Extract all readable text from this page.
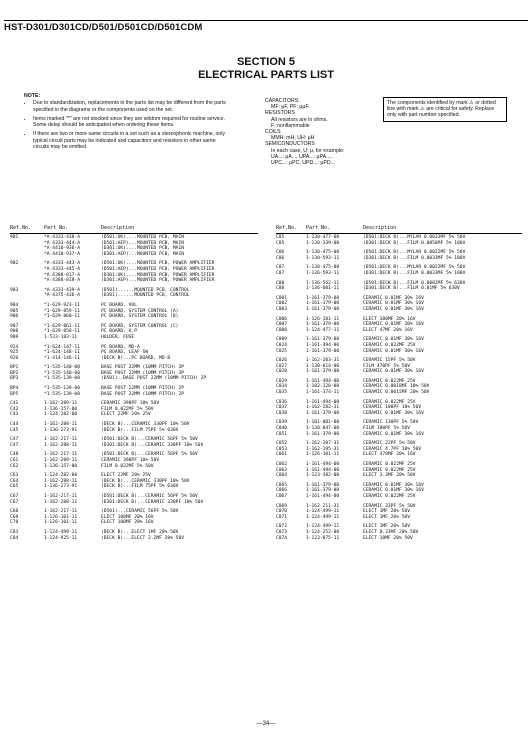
HST-D301/D301CD/D501/D501CD/D501CDM
SECTION 5
ELECTRICAL PARTS LIST
NOTE:
• Due to standardization, replacements in the parts list may be different from the parts specified in the diagrams or the components used on the set.
• Items marked "*" are not stocked since they are seldom required for routine service. Some delay should be anticipated when ordering these items.
• If there are two or more same circuits in a set such as a stereophonic machine, only typical circuit parts may be indicated and capacitors and resistors in other same circuits may be omitted.
CAPACITORS:
MF: μF, PF: μμF.
RESISTORS
All resistors are in ohms.
F: nonflammable
COILS
MMH: mH, UH: μH
SEMICONDUCTORS
In each case, U: μ, for example:
UA...: μA..., UPA...: μPA...,
UPC...: μPC, UPD...: μPD...
The components identified by mark ⚠ or dotted line with mark ⚠ are critical for safety. Replace only with part number specified.
Ref.No.	Part No.	Description	Ref.No. Part No.	Description
901	*A-4333-438-A	(D501:UK)....MOUNTED PCB, MAIN
*A-4333-444-A	(D501:AEP)...MOUNTED PCB, MAIN
*A-4410-936-A	(D301:UK)....MOUNTED PCB, MAIN
*A-4410-937-A	(D301:AEP)...MOUNTED PCB, MAIN
902	*A-4333-443-A	(D501:UK)....MOUNTED PCB, POWER AMPLIFIER
*A-4333-445-A	(D501:AEP)...MOUNTED PCB, POWER AMPLIFIER
*A-4388-817-A	(D301:UK)....MOUNTED PCB, POWER AMPLIFIER
*A-4388-818-A	(D301:AEP)...MOUNTED PCB, POWER AMPLIFIER
903	*A-4333-439-A	(D501)......MOUNTED PCB, CONTROL
*A-4375-436-A	(D301)......MOUNTED PCB, CONTROL
904	*1-629-923-11	PC BOARD, VOL
905	*1-629-859-11	PC BOARD, SYSTEM CONTROL (A)
906	*1-629-860-11	PC BOARD, SYSTEM CONTROL (B)
907	*1-629-861-11	PC BOARD, SYSTEM CONTROL (C)
908	*1-629-858-11	PC BOARD, H.P
909	1-533-183-11	HOLDER, FUSE
924	*1-624-147-11	PC BOARD, MD-A
925	*1-624-148-11	PC BOARD, LEAF SW
926	*1-414-146-11	(DECK B)...PC BOARD, MD-B
BP1	*1-535-140-00	BASE POST 22MM (10MM PITCH) 3P
BP2	*1-535-140-00	BASE POST 22MM (10MM PITCH) 3P
BP3	*1-535-139-00	(D501)..BASE POST 22MM (10MM PITCH) 2P
BP4	*1-535-139-00	BASE POST 22MM (10MM PITCH) 2P
BP5	*1-535-139-00	BASE POST 22MM (10MM PITCH) 2P
C41	1-162-289-11	CERAMIC 390PF 10% 50V
C42	1-136-157-00	FILM 0.022MF 5% 50V
C43	1-124-282-00	ELECT 22MF 20% 25V
C44	1-162-288-11	(DECK B)...CERAMIC 330PF 10% 50V
C45	1-136-273-91	(DECK B)...FILM 75PF 5% 630V
C47	1-162-217-11	(D501:DECK B)...CERAMIC 56PF 5% 50V
C47	1-162-288-11	(D301:DECK B)...CERAMIC 330PF 10% 50V
C48	1-162-217-11	(D501:DECK B)...CERAMIC 56PF 5% 50V
C61	1-162-289-11	CERAMIC 390PF 10% 50V
C62	1-136-157-00	FILM 0.022MF 5% 50V
C63	1-124-282-00	ELECT 22MF 20% 25V
C64	1-162-288-11	(DECK B)...CERAMIC 330PF 10% 50V
C65	1-136-273-91	(DECK B)...FILM 75PF 5% 630V
C67	1-162-217-11	(D501:DECK B)...CERAMIC 56PF 5% 50V
C67	1-162-288-11	(D301:DECK B)...CERAMIC 330PF 10% 50V
C68	1-162-217-11	(D501)...CERAMIC 56PF 5% 50V
C69	1-126-101-11	ELECT 100MF 20% 16V
C70	1-126-101-11	ELECT 100MF 20% 16V
C83	1-124-499-11	(DECK B)...ELECT 1MF 20% 50V
C84	1-124-925-11	(DECK B)...ELECT 2.2MF 20% 50V
C85	1-130-477-00	(D501:DECK B)...MYLAR 0.0033MF 5% 50V
C85	1-130-339-00	(D301:DECK B)...FILM 0.0056MF 5% 100V
C86	1-130-475-00	(D501:DECK B)...MYLAR 0.0022MF 5% 50V
C86	1-130-593-11	(D301:DECK B)...FILM 0.0033MF 5% 100V
C87	1-130-475-00	(D501:DECK B)...MYLAR 0.0022MF 5% 50V
C87	1-136-593-11	(D301:DECK B)...FILM 0.0033MF 5% 100V
C88	1-136-562-11	(D501:DECK B)...FILM 0.0082MF 5% 630V
C88	1-136-601-11	(D301:DECK B)...FILM 0.01MF 5% 630V
C001	1-161-379-00	CERAMIC 0.01MF 30% 16V
C002	1-161-379-00	CERAMIC 0.01MF 30% 16V
C003	1-161-379-00	CERAMIC 0.01MF 30% 16V
C006	1-126-101-11	ELECT 100MF 20% 16V
C007	1-161-379-00	CERAMIC 0.01MF 30% 16V
C008	1-124-477-11	ELECT 47MF 20% 16V
C009	1-161-379-00	CERAMIC 0.01MF 30% 16V
C024	1-161-494-00	CERAMIC 0.022MF 25V
C025	1-161-379-00	CERAMIC 0.01MF 30% 16V
C026	1-162-203-31	CERAMIC 15PF 5% 50V
C027	1-130-014-00	FILM 470PF 5% 50V
C028	1-161-379-00	CERAMIC 0.01MF 30% 16V
C029	1-161-494-00	CERAMIC 0.022MF 25V
C034	1-102-120-00	CERAMIC 0.0018MF 10% 50V
C035	1-161-374-11	CERAMIC 0.0015MF 20% 50V
C036	1-161-494-00	CERAMIC 0.022MF 25V
C037	1-162-282-31	CERAMIC 100PF 10% 50V
C038	1-161-379-00	CERAMIC 0.01MF 30% 16V
C039	1-101-081-00	CERAMIC 130PF 5% 50V
C040	1-130-047-00	FILM 180PF 5% 50V
C051	1-161-379-00	CERAMIC 0.01MF 30% 16V
C052	1-162-207-31	CERAMIC 22PF 5% 50V
C053	1-162-195-31	CERAMIC 4.7PF 10% 50V
C061	1-126-101-11	ELECT 470MF 20% 16V
C062	1-161-494-00	CERAMIC 0.022MF 25V
C063	1-161-494-00	CERAMIC 0.022MF 25V
C064	1-123-382-00	ELECT 3.3MF 20% 50V
C065	1-161-379-00	CERAMIC 0.01MF 30% 16V
C066	1-161-379-00	CERAMIC 0.01MF 30% 16V
C067	1-161-494-00	CERAMIC 0.022MF 25V
C069	1-162-211-31	CERAMIC 33PF 5% 50V
C070	1-124-499-11	ELECT 1MF 20% 50V
C071	1-124-499-11	ELECT 1MF 20% 50V
C072	1-124-499-11	ELECT 1MF 20% 50V
C073	1-124-252-00	ELECT 0.33MF 20% 50V
C074	1-123-875-11	ELECT 10MF 20% 50V
—34—
